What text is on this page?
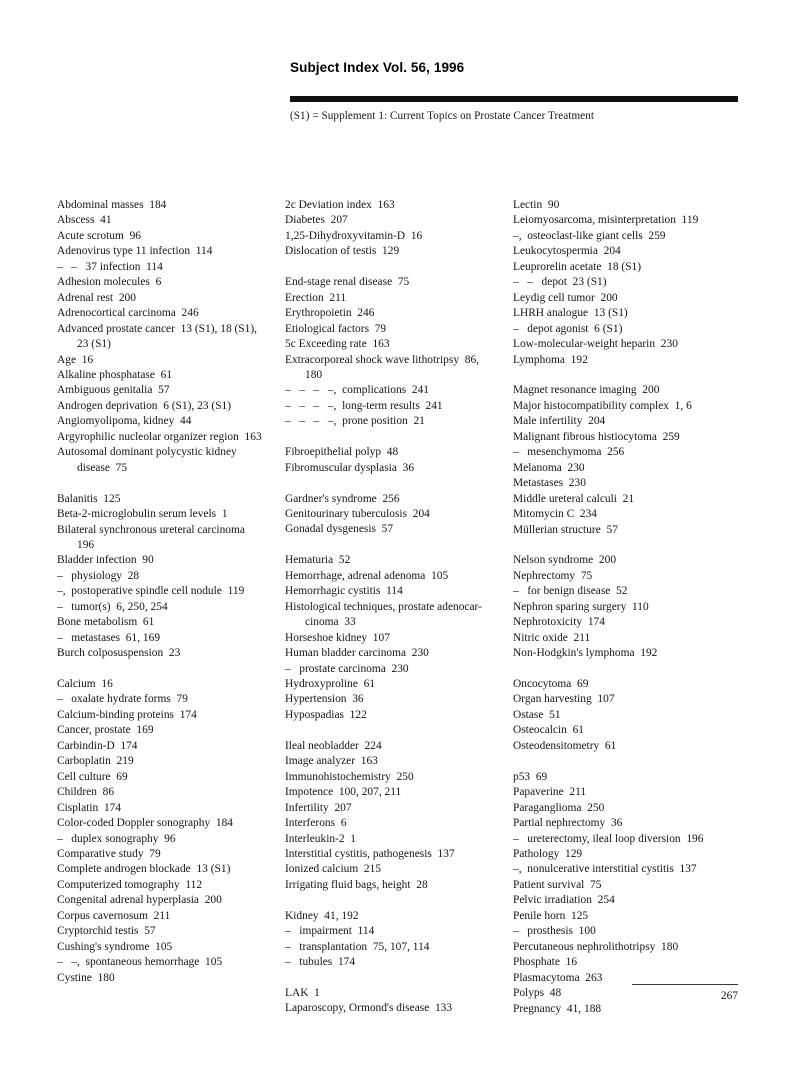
Subject Index Vol. 56, 1996
(S1) = Supplement 1: Current Topics on Prostate Cancer Treatment
Abdominal masses  184
Abscess  41
Acute scrotum  96
Adenovirus type 11 infection  114
–   –   37 infection  114
Adhesion molecules  6
Adrenal rest  200
Adrenocortical carcinoma  246
Advanced prostate cancer  13 (S1), 18 (S1),
23 (S1)
Age  16
Alkaline phosphatase  61
Ambiguous genitalia  57
Androgen deprivation  6 (S1), 23 (S1)
Angiomyolipoma, kidney  44
Argyrophilic nucleolar organizer region  163
Autosomal dominant polycystic kidney
disease  75
Balanitis  125
Beta-2-microglobulin serum levels  1
Bilateral synchronous ureteral carcinoma
196
Bladder infection  90
–   physiology  28
–,  postoperative spindle cell nodule  119
–   tumor(s)  6, 250, 254
Bone metabolism  61
–   metastases  61, 169
Burch colposuspension  23
Calcium  16
–   oxalate hydrate forms  79
Calcium-binding proteins  174
Cancer, prostate  169
Carbindin-D  174
Carboplatin  219
Cell culture  69
Children  86
Cisplatin  174
Color-coded Doppler sonography  184
–   duplex sonography  96
Comparative study  79
Complete androgen blockade  13 (S1)
Computerized tomography  112
Congenital adrenal hyperplasia  200
Corpus cavernosum  211
Cryptorchid testis  57
Cushing's syndrome  105
–   –,  spontaneous hemorrhage  105
Cystine  180
2c Deviation index  163
Diabetes  207
1,25-Dihydroxyvitamin-D  16
Dislocation of testis  129
End-stage renal disease  75
Erection  211
Erythropoietin  246
Etiological factors  79
5c Exceeding rate  163
Extracorporeal shock wave lithotripsy  86,
180
–   –   –   –,  complications  241
–   –   –   –,  long-term results  241
–   –   –   –,  prone position  21
Fibroepithelial polyp  48
Fibromuscular dysplasia  36
Gardner's syndrome  256
Genitourinary tuberculosis  204
Gonadal dysgenesis  57
Hematuria  52
Hemorrhage, adrenal adenoma  105
Hemorrhagic cystitis  114
Histological techniques, prostate adenocar-
cinoma  33
Horseshoe kidney  107
Human bladder carcinoma  230
–   prostate carcinoma  230
Hydroxyproline  61
Hypertension  36
Hypospadias  122
Ileal neobladder  224
Image analyzer  163
Immunohistochemistry  250
Impotence  100, 207, 211
Infertility  207
Interferons  6
Interleukin-2  1
Interstitial cystitis, pathogenesis  137
Ionized calcium  215
Irrigating fluid bags, height  28
Kidney  41, 192
–   impairment  114
–   transplantation  75, 107, 114
–   tubules  174
LAK  1
Laparoscopy, Ormond's disease  133
Lectin  90
Leiomyosarcoma, misinterpretation  119
–,  osteoclast-like giant cells  259
Leukocytospermia  204
Leuprorelin acetate  18 (S1)
–   –   depot  23 (S1)
Leydig cell tumor  200
LHRH analogue  13 (S1)
–   depot agonist  6 (S1)
Low-molecular-weight heparin  230
Lymphoma  192
Magnet resonance imaging  200
Major histocompatibility complex  1, 6
Male infertility  204
Malignant fibrous histiocytoma  259
–   mesenchymoma  256
Melanoma  230
Metastases  230
Middle ureteral calculi  21
Mitomycin C  234
Müllerian structure  57
Nelson syndrome  200
Nephrectomy  75
–   for benign disease  52
Nephron sparing surgery  110
Nephrotoxicity  174
Nitric oxide  211
Non-Hodgkin's lymphoma  192
Oncocytoma  69
Organ harvesting  107
Ostase  51
Osteocalcin  61
Osteodensitometry  61
p53  69
Papaverine  211
Paraganglioma  250
Partial nephrectomy  36
–   ureterectomy, ileal loop diversion  196
Pathology  129
–,  nonulcerative interstitial cystitis  137
Patient survival  75
Pelvic irradiation  254
Penile horn  125
–   prosthesis  100
Percutaneous nephrolithotripsy  180
Phosphate  16
Plasmacytoma  263
Polyps  48
Pregnancy  41, 188
267
